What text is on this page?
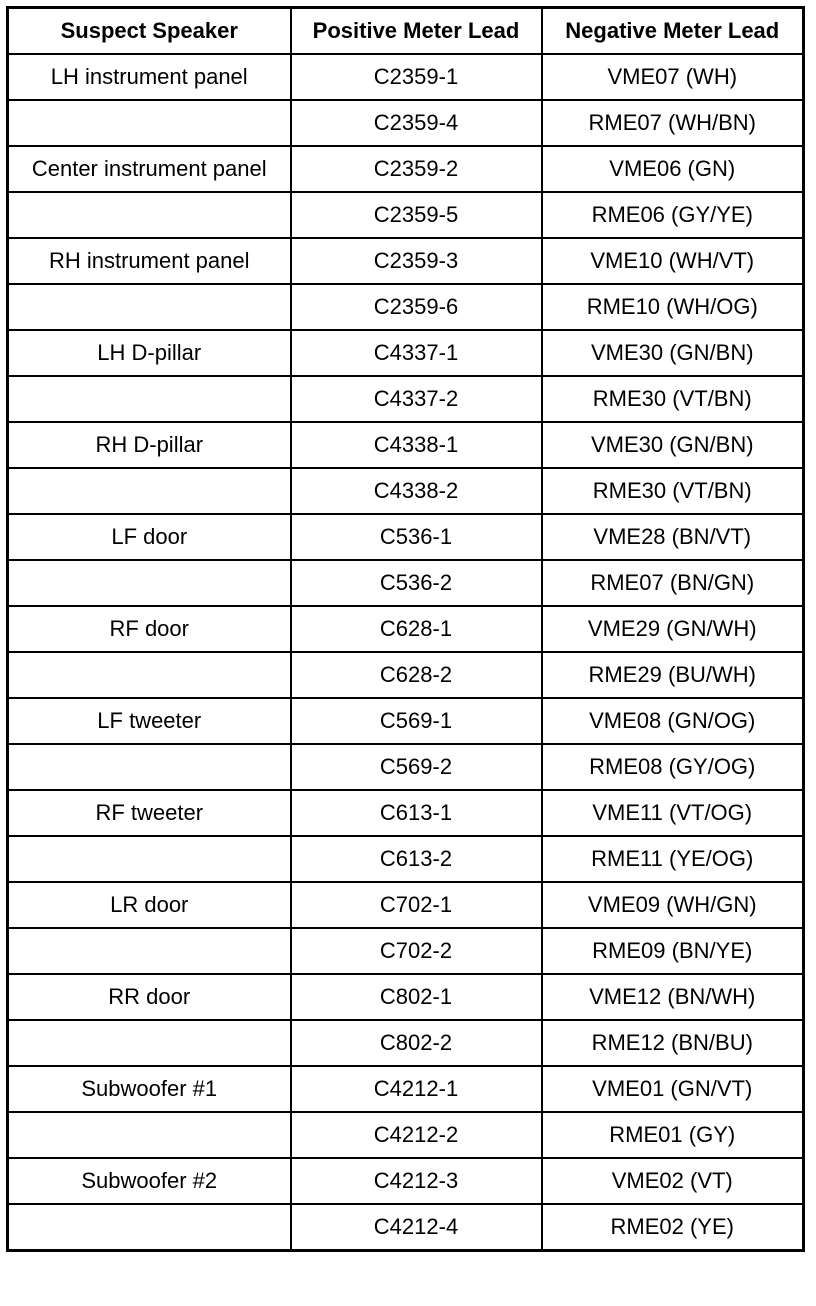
Suspect Speaker	Positive Meter Lead	Negative Meter Lead
LH instrument panel	C2359-1	VME07 (WH)
	C2359-4	RME07 (WH/BN)
Center instrument panel	C2359-2	VME06 (GN)
	C2359-5	RME06 (GY/YE)
RH instrument panel	C2359-3	VME10 (WH/VT)
	C2359-6	RME10 (WH/OG)
LH D-pillar	C4337-1	VME30 (GN/BN)
	C4337-2	RME30 (VT/BN)
RH D-pillar	C4338-1	VME30 (GN/BN)
	C4338-2	RME30 (VT/BN)
LF door	C536-1	VME28 (BN/VT)
	C536-2	RME07 (BN/GN)
RF door	C628-1	VME29 (GN/WH)
	C628-2	RME29 (BU/WH)
LF tweeter	C569-1	VME08 (GN/OG)
	C569-2	RME08 (GY/OG)
RF tweeter	C613-1	VME11 (VT/OG)
	C613-2	RME11 (YE/OG)
LR door	C702-1	VME09 (WH/GN)
	C702-2	RME09 (BN/YE)
RR door	C802-1	VME12 (BN/WH)
	C802-2	RME12 (BN/BU)
Subwoofer #1	C4212-1	VME01 (GN/VT)
	C4212-2	RME01 (GY)
Subwoofer #2	C4212-3	VME02 (VT)
	C4212-4	RME02 (YE)
